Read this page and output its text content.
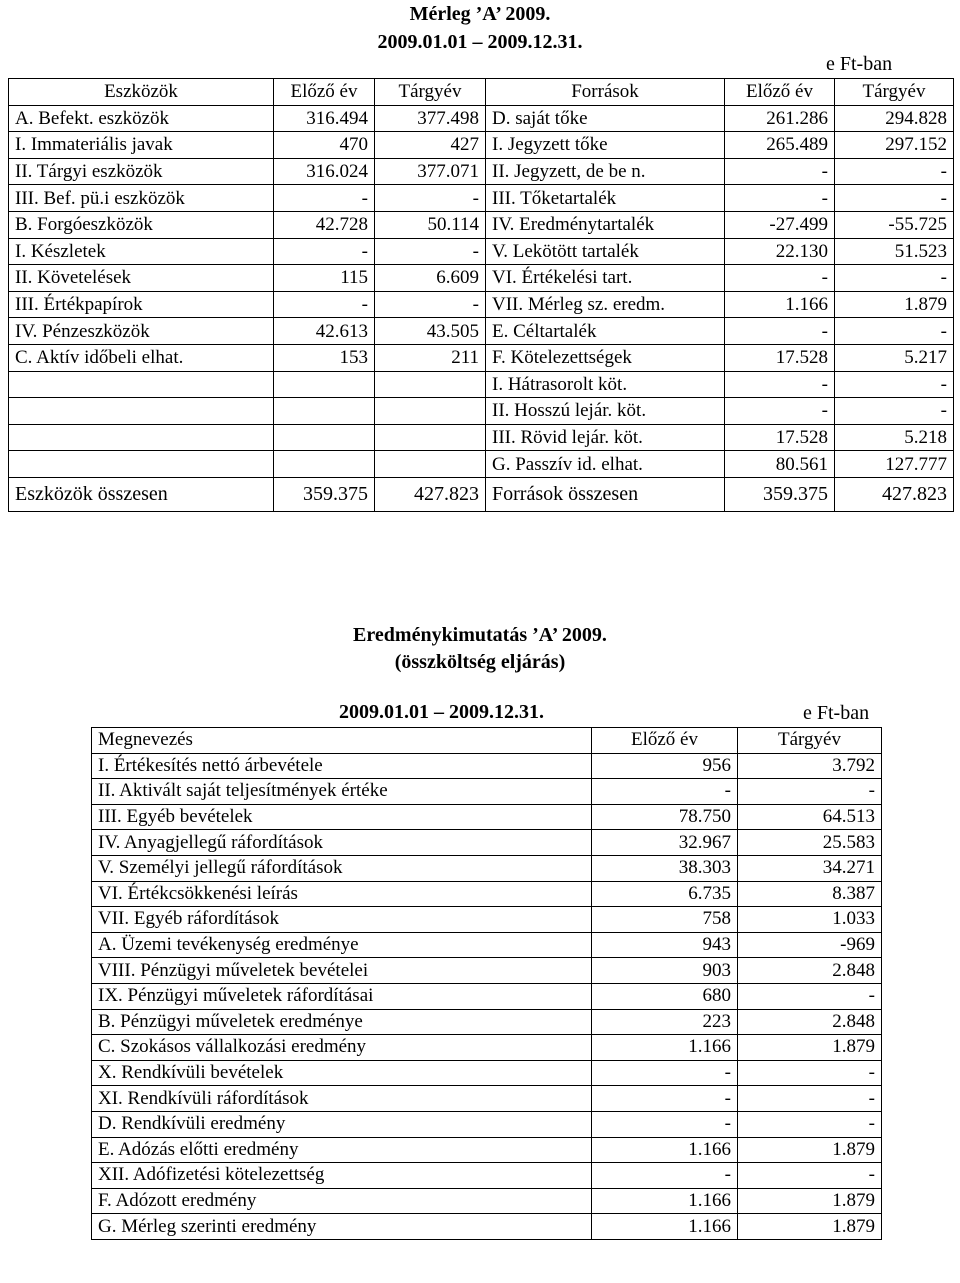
Mérleg ’A’ 2009.
2009.01.01 – 2009.12.31.
e Ft-ban
Eszközök	Előző év	Tárgyév	Források	Előző év	Tárgyév
A. Befekt. eszközök	316.494	377.498	D. saját tőke	261.286	294.828
I. Immateriális javak	470	427	I. Jegyzett tőke	265.489	297.152
II. Tárgyi eszközök	316.024	377.071	II. Jegyzett, de be n.	-	-
III. Bef. pü.i eszközök	-	-	III. Tőketartalék	-	-
B. Forgóeszközök	42.728	50.114	IV. Eredménytartalék	-27.499	-55.725
I. Készletek	-	-	V. Lekötött tartalék	22.130	51.523
II. Követelések	115	6.609	VI. Értékelési tart.	-	-
III. Értékpapírok	-	-	VII. Mérleg sz. eredm.	1.166	1.879
IV. Pénzeszközök	42.613	43.505	E. Céltartalék	-	-
C. Aktív időbeli elhat.	153	211	F. Kötelezettségek	17.528	5.217
			I. Hátrasorolt köt.	-	-
			II. Hosszú lejár. köt.	-	-
			III. Rövid lejár. köt.	17.528	5.218
			G. Passzív id. elhat.	80.561	127.777
Eszközök összesen	359.375	427.823	Források összesen	359.375	427.823
Eredménykimutatás ’A’ 2009.
(összköltség eljárás)
2009.01.01 – 2009.12.31.	e Ft-ban
Megnevezés	Előző év	Tárgyév
I. Értékesítés nettó árbevétele	956	3.792
II. Aktivált saját teljesítmények értéke	-	-
III. Egyéb bevételek	78.750	64.513
IV. Anyagjellegű ráfordítások	32.967	25.583
V. Személyi jellegű ráfordítások	38.303	34.271
VI. Értékcsökkenési leírás	6.735	8.387
VII. Egyéb ráfordítások	758	1.033
A. Üzemi tevékenység eredménye	943	-969
VIII. Pénzügyi műveletek bevételei	903	2.848
IX. Pénzügyi műveletek ráfordításai	680	-
B. Pénzügyi műveletek eredménye	223	2.848
C. Szokásos vállalkozási eredmény	1.166	1.879
X. Rendkívüli bevételek	-	-
XI. Rendkívüli ráfordítások	-	-
D. Rendkívüli eredmény	-	-
E. Adózás előtti eredmény	1.166	1.879
XII. Adófizetési kötelezettség	-	-
F. Adózott eredmény	1.166	1.879
G. Mérleg szerinti eredmény	1.166	1.879
